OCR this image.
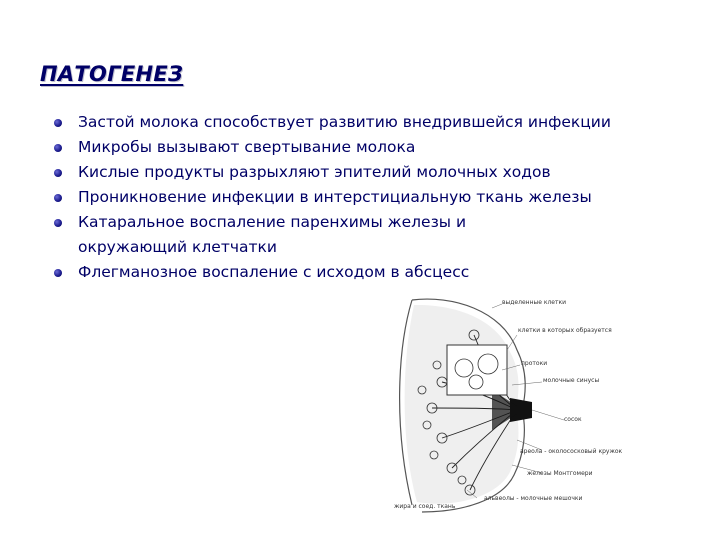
ПАТОГЕНЕЗ
Застой молока способствует развитию внедрившейся инфекции
Микробы вызывают свертывание молока
Кислые продукты разрыхляют эпителий молочных ходов
Проникновение инфекции в интерстициальную ткань железы
Катаральное воспаление паренхимы железы и окружающий клетчатки
Флегманозное воспаление с исходом в абсцесс
выделенные клетки
клетки в которых образуется
протоки
молочные синусы
сосок
ареола - околососковый кружок
железы Монтгомери
жира и соед. ткань
альвеолы - молочные мешочки
